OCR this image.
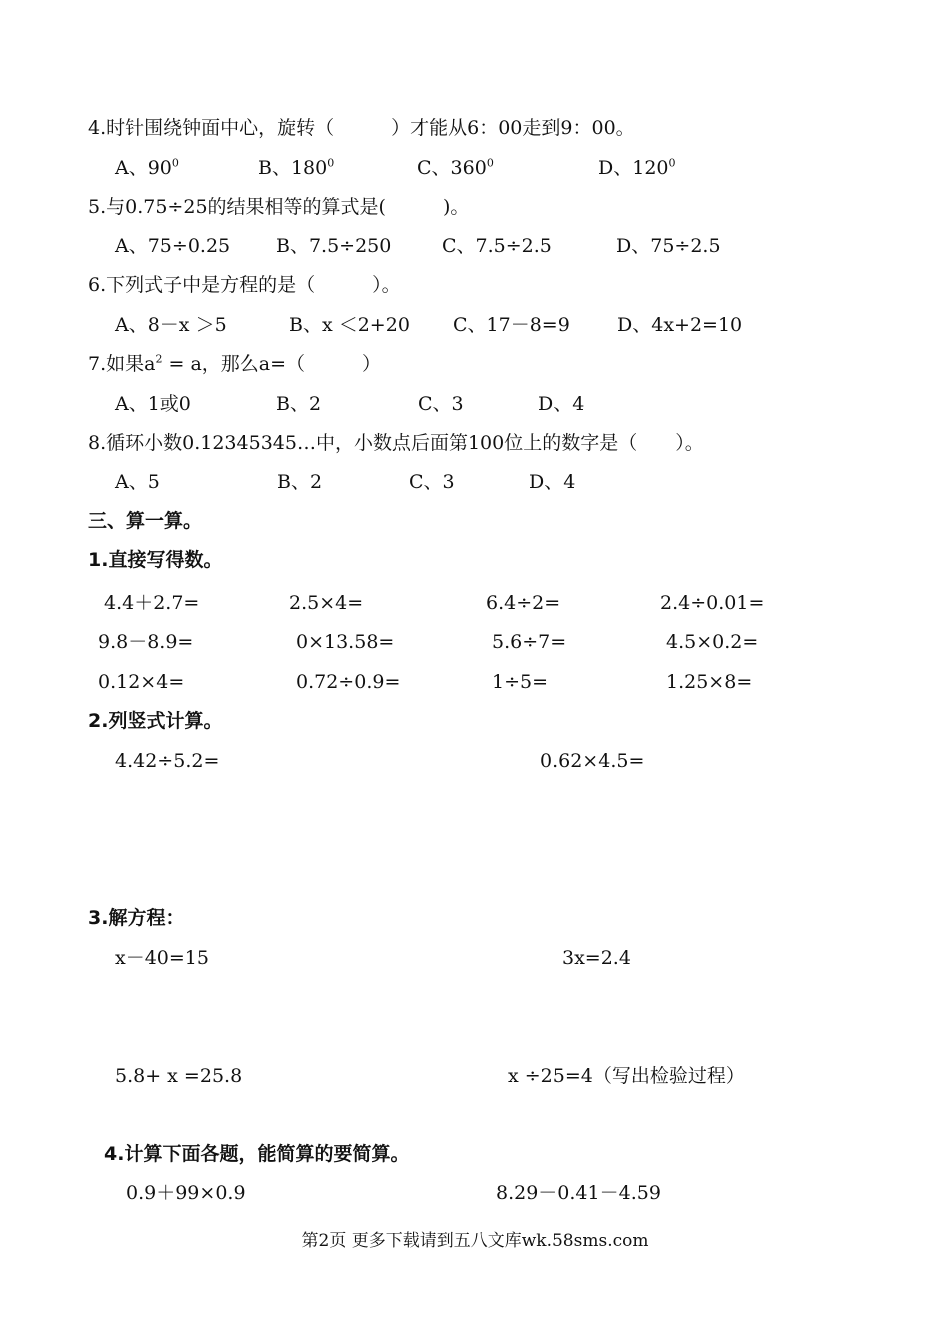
4.时针围绕钟面中心，旋转（　　　）才能从6：00走到9：00。
A、$90^0$	B、$180^0$	C、$360^0$	D、$120^0$
5.与0.75÷25的结果相等的算式是(　　　)。
A、75÷0.25 B、7.5÷250	C、7.5÷2.5	D、75÷2.5
6.下列式子中是方程的是（　　　）。
A、8－x ＞5	B、x ＜2+20 C、17－8=9 D、4x+2=10
7.如果$a^2 = a$，那么a=（　　　）
A、1或0	B、2	C、3	D、4
8.循环小数0.12345345…中，小数点后面第100位上的数字是（　　）。
A、5	B、2	C、3	D、4
三、算一算。
1.直接写得数。
4.4＋2.7=	2.5×4=	6.4÷2=	2.4÷0.01=
9.8－8.9=	0×13.58=	5.6÷7=	4.5×0.2=
0.12×4=	0.72÷0.9=	1÷5=	1.25×8=
2.列竖式计算。
4.42÷5.2=	0.62×4.5=
3.解方程：
x－40=15	3x=2.4
5.8+ x =25.8	x ÷25=4（写出检验过程）
4.计算下面各题，能简算的要简算。
0.9＋99×0.9	8.29－0.41－4.59
第2页 更多下载请到五八文库wk.58sms.com
